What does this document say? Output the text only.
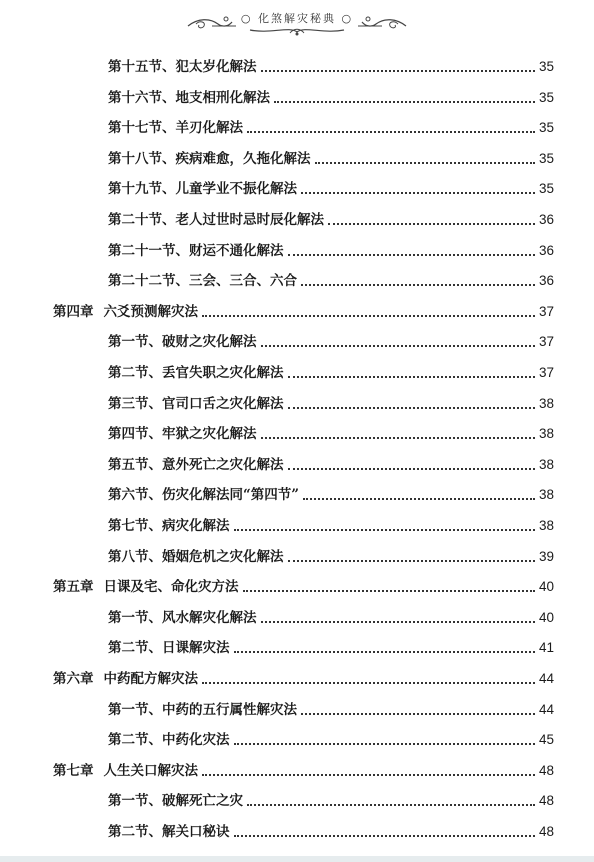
○ 化煞解灾秘典 ○
第十五节、犯太岁化解法	35
第十六节、地支相刑化解法	35
第十七节、羊刃化解法	35
第十八节、疾病难愈，久拖化解法	35
第十九节、儿童学业不振化解法	35
第二十节、老人过世时忌时辰化解法	36
第二十一节、财运不通化解法	36
第二十二节、三会、三合、六合	36
第四章 六爻预测解灾法	37
第一节、破财之灾化解法	37
第二节、丢官失职之灾化解法	37
第三节、官司口舌之灾化解法	38
第四节、牢狱之灾化解法	38
第五节、意外死亡之灾化解法	38
第六节、伤灾化解法同“第四节”	38
第七节、病灾化解法	38
第八节、婚姻危机之灾化解法	39
第五章 日课及宅、命化灾方法	40
第一节、风水解灾化解法	40
第二节、日课解灾法	41
第六章 中药配方解灾法	44
第一节、中药的五行属性解灾法	44
第二节、中药化灾法	45
第七章 人生关口解灾法	48
第一节、破解死亡之灾	48
第二节、解关口秘诀	48
